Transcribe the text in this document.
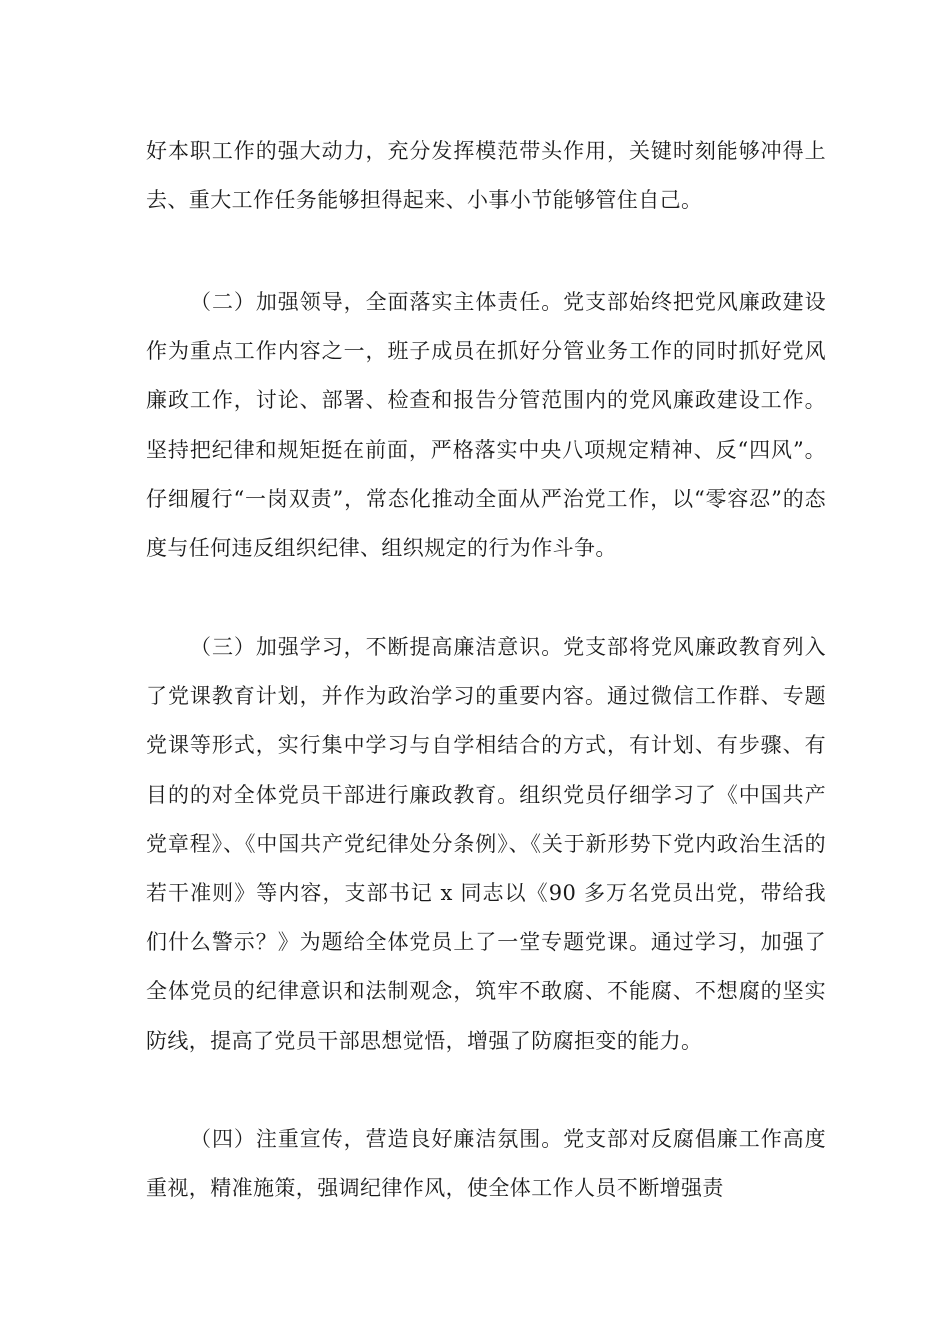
好本职工作的强大动力，充分发挥模范带头作用，关键时刻能够冲得上去、重大工作任务能够担得起来、小事小节能够管住自己。

（二）加强领导，全面落实主体责任。党支部始终把党风廉政建设作为重点工作内容之一，班子成员在抓好分管业务工作的同时抓好党风廉政工作，讨论、部署、检查和报告分管范围内的党风廉政建设工作。坚持把纪律和规矩挺在前面，严格落实中央八项规定精神、反“四风”。仔细履行“一岗双责”，常态化推动全面从严治党工作，以“零容忍”的态度与任何违反组织纪律、组织规定的行为作斗争。

（三）加强学习，不断提高廉洁意识。党支部将党风廉政教育列入了党课教育计划，并作为政治学习的重要内容。通过微信工作群、专题党课等形式，实行集中学习与自学相结合的方式，有计划、有步骤、有目的的对全体党员干部进行廉政教育。组织党员仔细学习了《中国共产党章程》、《中国共产党纪律处分条例》、《关于新形势下党内政治生活的若干准则》等内容，支部书记 x 同志以《90 多万名党员出党，带给我们什么警示？》为题给全体党员上了一堂专题党课。通过学习，加强了全体党员的纪律意识和法制观念，筑牢不敢腐、不能腐、不想腐的坚实防线，提高了党员干部思想觉悟，增强了防腐拒变的能力。

（四）注重宣传，营造良好廉洁氛围。党支部对反腐倡廉工作高度重视，精准施策，强调纪律作风，使全体工作人员不断增强责
